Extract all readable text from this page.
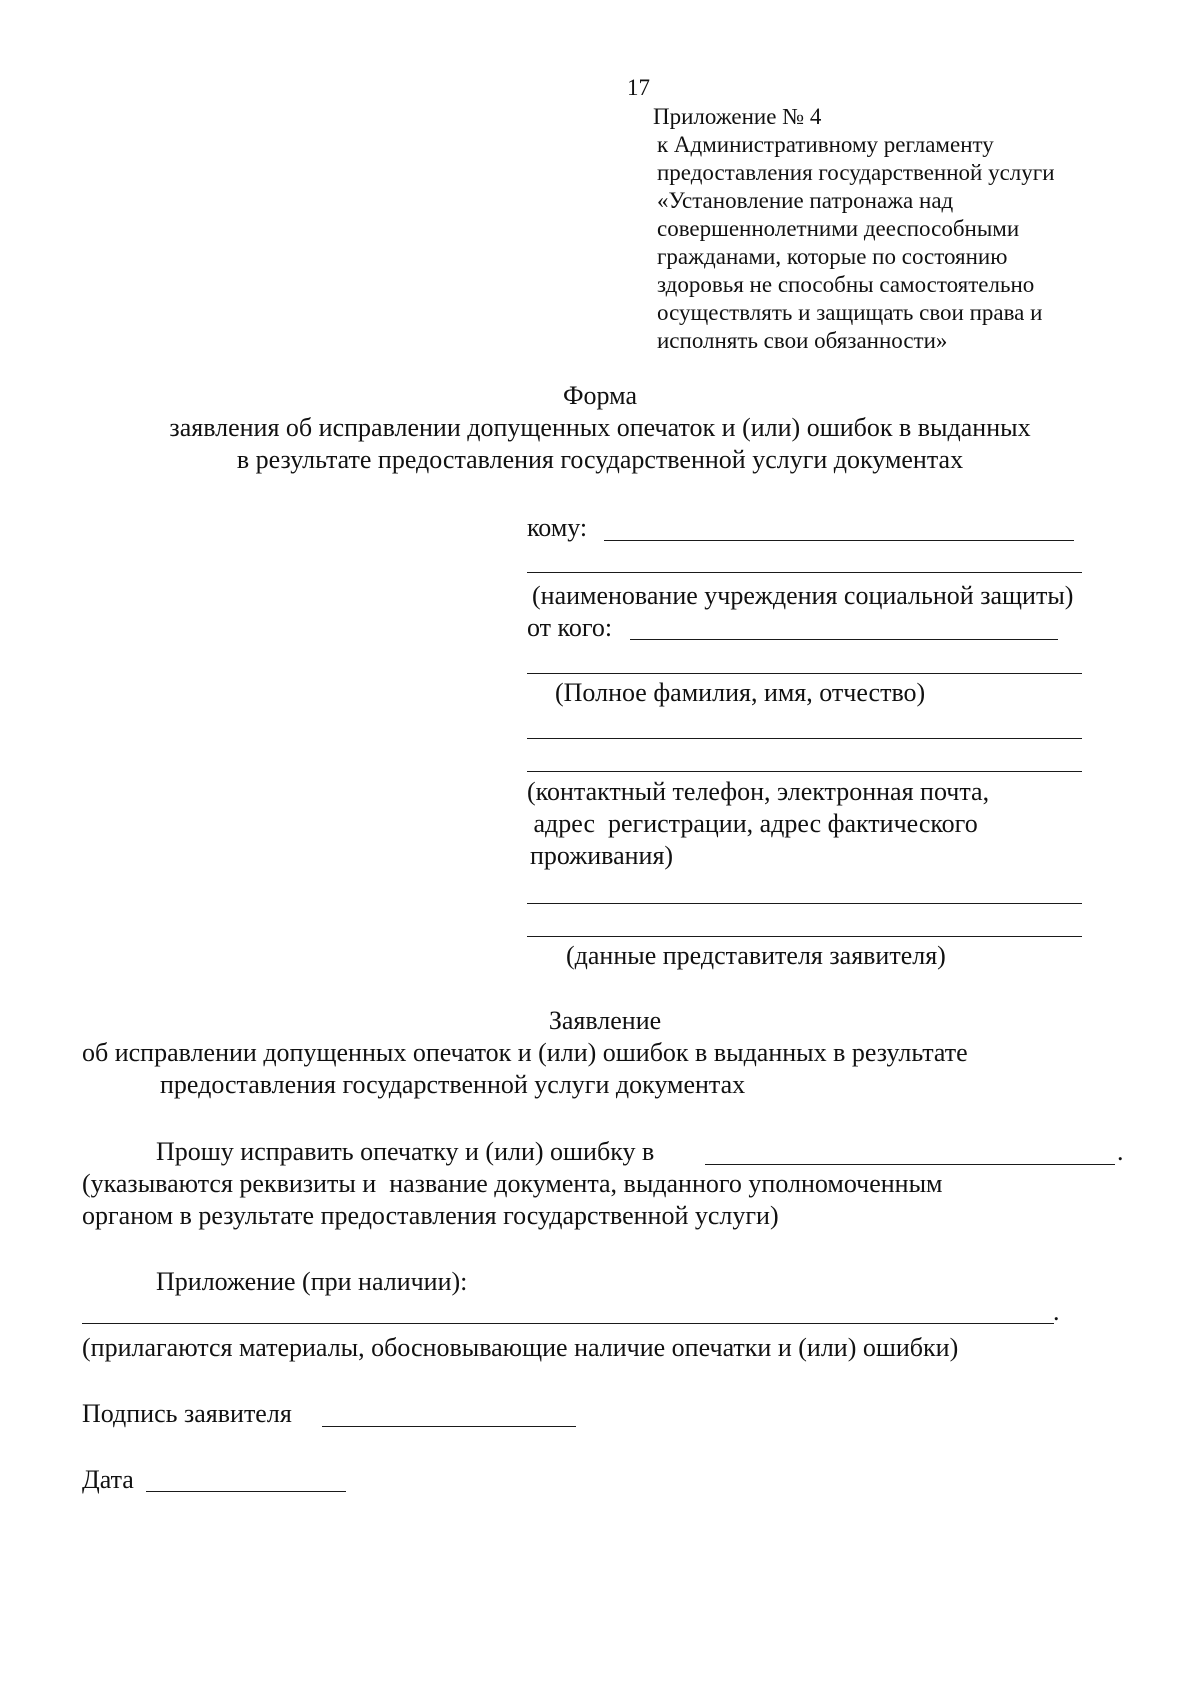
17
Приложение № 4
к Административному регламенту
предоставления государственной услуги
«Установление патронажа над
совершеннолетними дееспособными
гражданами, которые по состоянию
здоровья не способны самостоятельно
осуществлять и защищать свои права и
исполнять свои обязанности»
Форма
заявления об исправлении допущенных опечаток и (или) ошибок в выданных
в результате предоставления государственной услуги документах
кому:
(наименование учреждения социальной защиты)
от кого:
(Полное фамилия, имя, отчество)
(контактный телефон, электронная почта,
адрес  регистрации, адрес фактического
проживания)
(данные представителя заявителя)
Заявление
об исправлении допущенных опечаток и (или) ошибок в выданных в результате
предоставления государственной услуги документах
Прошу исправить опечатку и (или) ошибку в	.
(указываются реквизиты и  название документа, выданного уполномоченным
органом в результате предоставления государственной услуги)
Приложение (при наличии):
.
(прилагаются материалы, обосновывающие наличие опечатки и (или) ошибки)
Подпись заявителя
Дата
